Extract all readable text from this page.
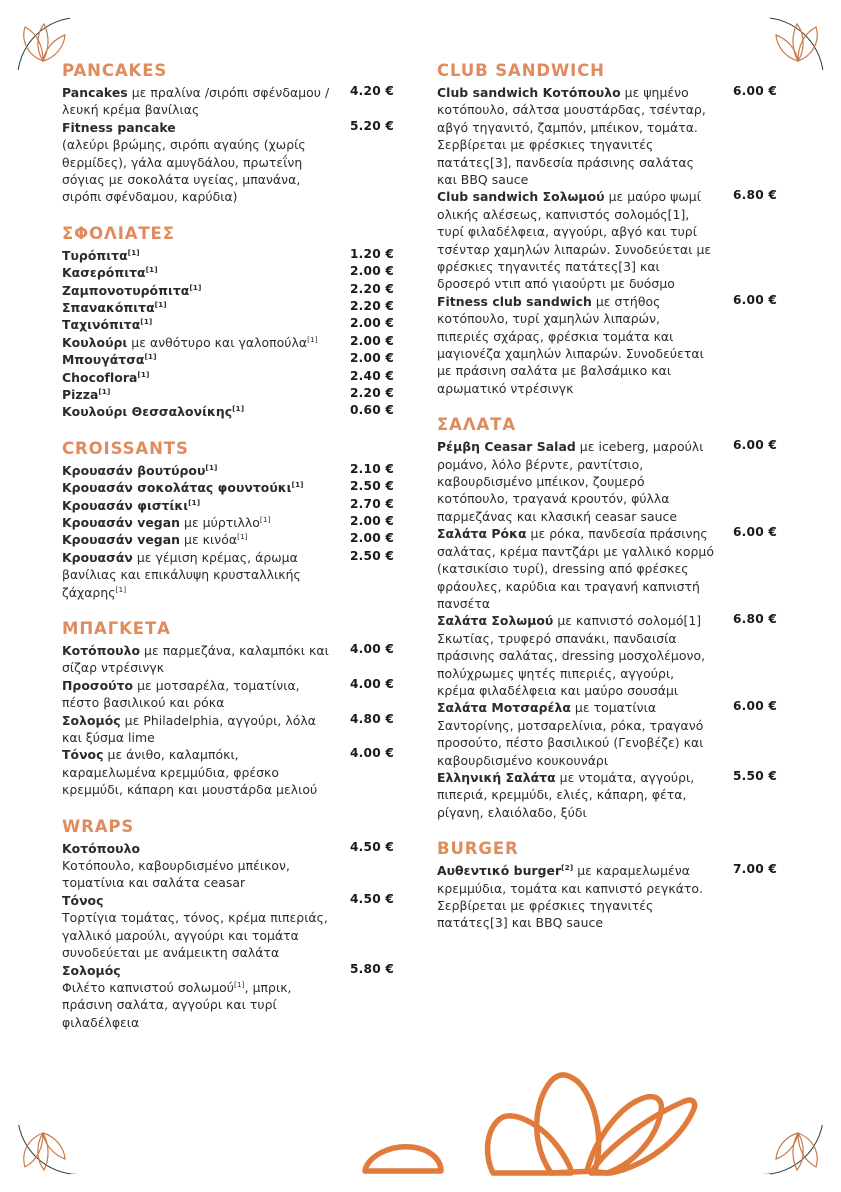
PANCAKES

Pancakes με πραλίνα /σιρόπι σφένδαμου /λευκή κρέμα βανίλιας

4.20 €

Fitness pancake	5.20 €

(αλεύρι βρώμης, σιρόπι αγαύης (χωρίς θερμίδες), γάλα αμυγδάλου, πρωτεΐνη σόγιας με σοκολάτα υγείας, μπανάνα, σιρόπι σφένδαμου, καρύδια)

ΣΦΟΛΙΑΤΕΣ

Τυρόπιτα[1]	1.20 €

Κασερόπιτα[1]	2.00 €

Ζαμπονοτυρόπιτα[1]	2.20 €

Σπανακόπιτα[1]	2.20 €

Ταχινόπιτα[1]	2.00 €

Κουλούρι με ανθότυρο και γαλοπούλα[1]	2.00 €

Μπουγάτσα[1]	2.00 €

Chocoflora[1]	2.40 €

Pizza[1]	2.20 €

Κουλούρι Θεσσαλονίκης[1]	0.60 €
CROISSANTS

Κρουασάν βουτύρου[1]	2.10 €

Κρουασάν σοκολάτας φουντούκι[1]	2.50 €

Κρουασάν φιστίκι[1]	2.70 €

Κρουασάν vegan με μύρτιλλο[1]	2.00 €

Κρουασάν vegan με κινόα[1]	2.00 €

Κρουασάν με γέμιση κρέμας, άρωμα βανίλιας και επικάλυψη κρυσταλλικής ζάχαρης[1]

2.50 €
ΜΠΑΓΚΕΤΑ

Κοτόπουλο με παρμεζάνα, καλαμπόκι και σίζαρ ντρέσινγκ

4.00 €

Προσούτο με μοτσαρέλα, τοματίνια, πέστο βασιλικού και ρόκα

4.00 €

Σολομός με Philadelphia, αγγούρι, λόλα και ξύσμα lime

4.80 €

Τόνος με άνιθο, καλαμπόκι, καραμελωμένα κρεμμύδια, φρέσκο κρεμμύδι, κάπαρη και μουστάρδα μελιού

4.00 €
WRAPS

Κοτόπουλο	4.50 €

Κοτόπουλο, καβουρδισμένο μπέικον, τοματίνια και σαλάτα ceasar

Τόνος	4.50 €

Τορτίγια τομάτας, τόνος, κρέμα πιπεριάς, γαλλικό μαρούλι, αγγούρι και τομάτα συνοδεύεται με ανάμεικτη σαλάτα

Σολομός	5.80 €

Φιλέτο καπνιστού σολωμού[1], μπρικ, πράσινη σαλάτα, αγγούρι και τυρί φιλαδέλφεια

CLUB SANDWICH

Club sandwich Κοτόπουλο με ψημένο κοτόπουλο, σάλτσα μουστάρδας, τσένταρ, αβγό τηγανιτό, ζαμπόν, μπέικον, τομάτα. Σερβίρεται με φρέσκιες τηγανιτές πατάτες[3], πανδεσία πράσινης σαλάτας και BBQ sauce

6.00 €

Club sandwich Σολωμού με μαύρο ψωμί ολικής αλέσεως, καπνιστός σολομός[1], τυρί φιλαδέλφεια, αγγούρι, αβγό και τυρί τσένταρ χαμηλών λιπαρών. Συνοδεύεται με φρέσκιες τηγανιτές πατάτες[3] και δροσερό ντιπ από γιαούρτι με δυόσμο

6.80 €

Fitness club sandwich με στήθος κοτόπουλο, τυρί χαμηλών λιπαρών, πιπεριές σχάρας, φρέσκια τομάτα και μαγιονέζα χαμηλών λιπαρών. Συνοδεύεται με πράσινη σαλάτα με βαλσάμικο και αρωματικό ντρέσινγκ

6.00 €
ΣΑΛΑΤΑ

Ρέμβη Ceasar Salad με iceberg, μαρούλι ρομάνο, λόλο βέρντε, ραντίτσιο, καβουρδισμένο μπέικον, ζουμερό κοτόπουλο, τραγανά κρουτόν, φύλλα παρμεζάνας και κλασική ceasar sauce

6.00 €

Σαλάτα Ρόκα με ρόκα, πανδεσία πράσινης σαλάτας, κρέμα παντζάρι με γαλλικό κορμό (κατσικίσιο τυρί), dressing από φρέσκες φράουλες, καρύδια και τραγανή καπνιστή πανσέτα

6.00 €

Σαλάτα Σολωμού με καπνιστό σολομό[1] Σκωτίας, τρυφερό σπανάκι, πανδαισία πράσινης σαλάτας, dressing μοσχολέμονο, πολύχρωμες ψητές πιπεριές, αγγούρι, κρέμα φιλαδέλφεια και μαύρο σουσάμι

6.80 €

Σαλάτα Μοτσαρέλα με τοματίνια Σαντορίνης, μοτσαρελίνια, ρόκα, τραγανό προσούτο, πέστο βασιλικού (Γενοβέζε) και καβουρδισμένο κουκουνάρι

6.00 €

Ελληνική Σαλάτα με ντομάτα, αγγούρι, πιπεριά, κρεμμύδι, ελιές, κάπαρη, φέτα, ρίγανη, ελαιόλαδο, ξύδι

5.50 €
BURGER

Αυθεντικό burger[2] με καραμελωμένα κρεμμύδια, τομάτα και καπνιστό ρεγκάτο. Σερβίρεται με φρέσκιες τηγανιτές πατάτες[3] και BBQ sauce

7.00 €
